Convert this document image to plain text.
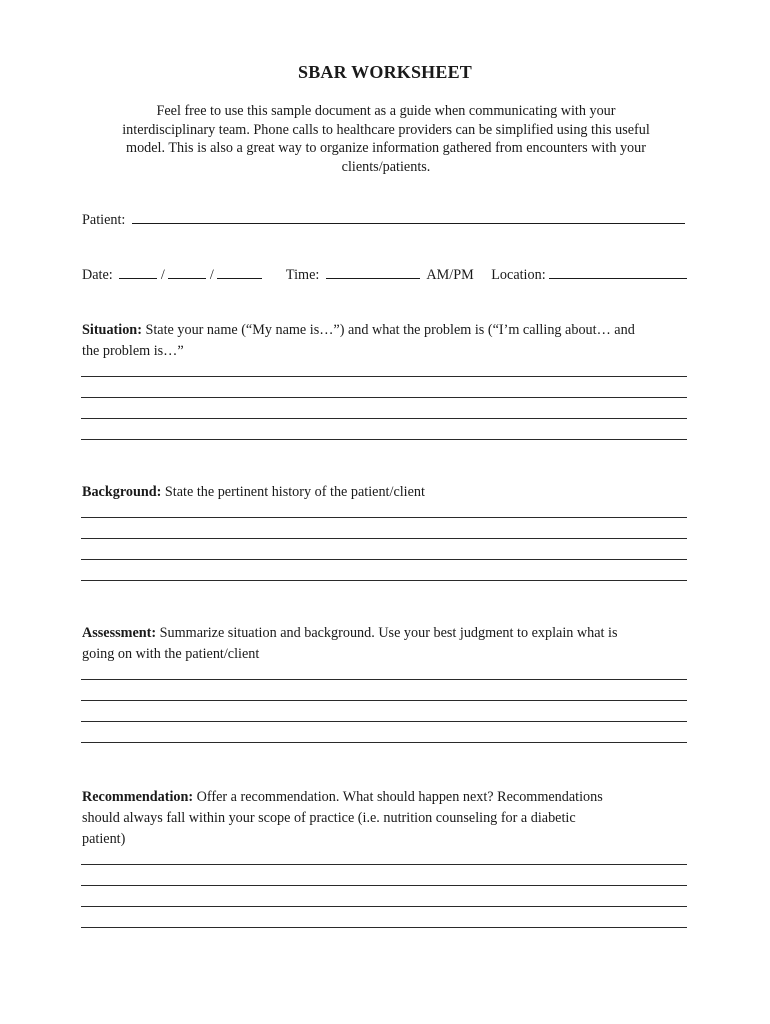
SBAR WORKSHEET
Feel free to use this sample document as a guide when communicating with your
interdisciplinary team. Phone calls to healthcare providers can be simplified using this useful
model. This is also a great way to organize information gathered from encounters with your
clients/patients.
Patient:
Date:	/	/	Time:	AM/PM Location:
Situation: State your name (“My name is…”) and what the problem is (“I’m calling about… and
the problem is…”
Background: State the pertinent history of the patient/client
Assessment: Summarize situation and background. Use your best judgment to explain what is
going on with the patient/client
Recommendation: Offer a recommendation. What should happen next? Recommendations
should always fall within your scope of practice (i.e. nutrition counseling for a diabetic
patient)
